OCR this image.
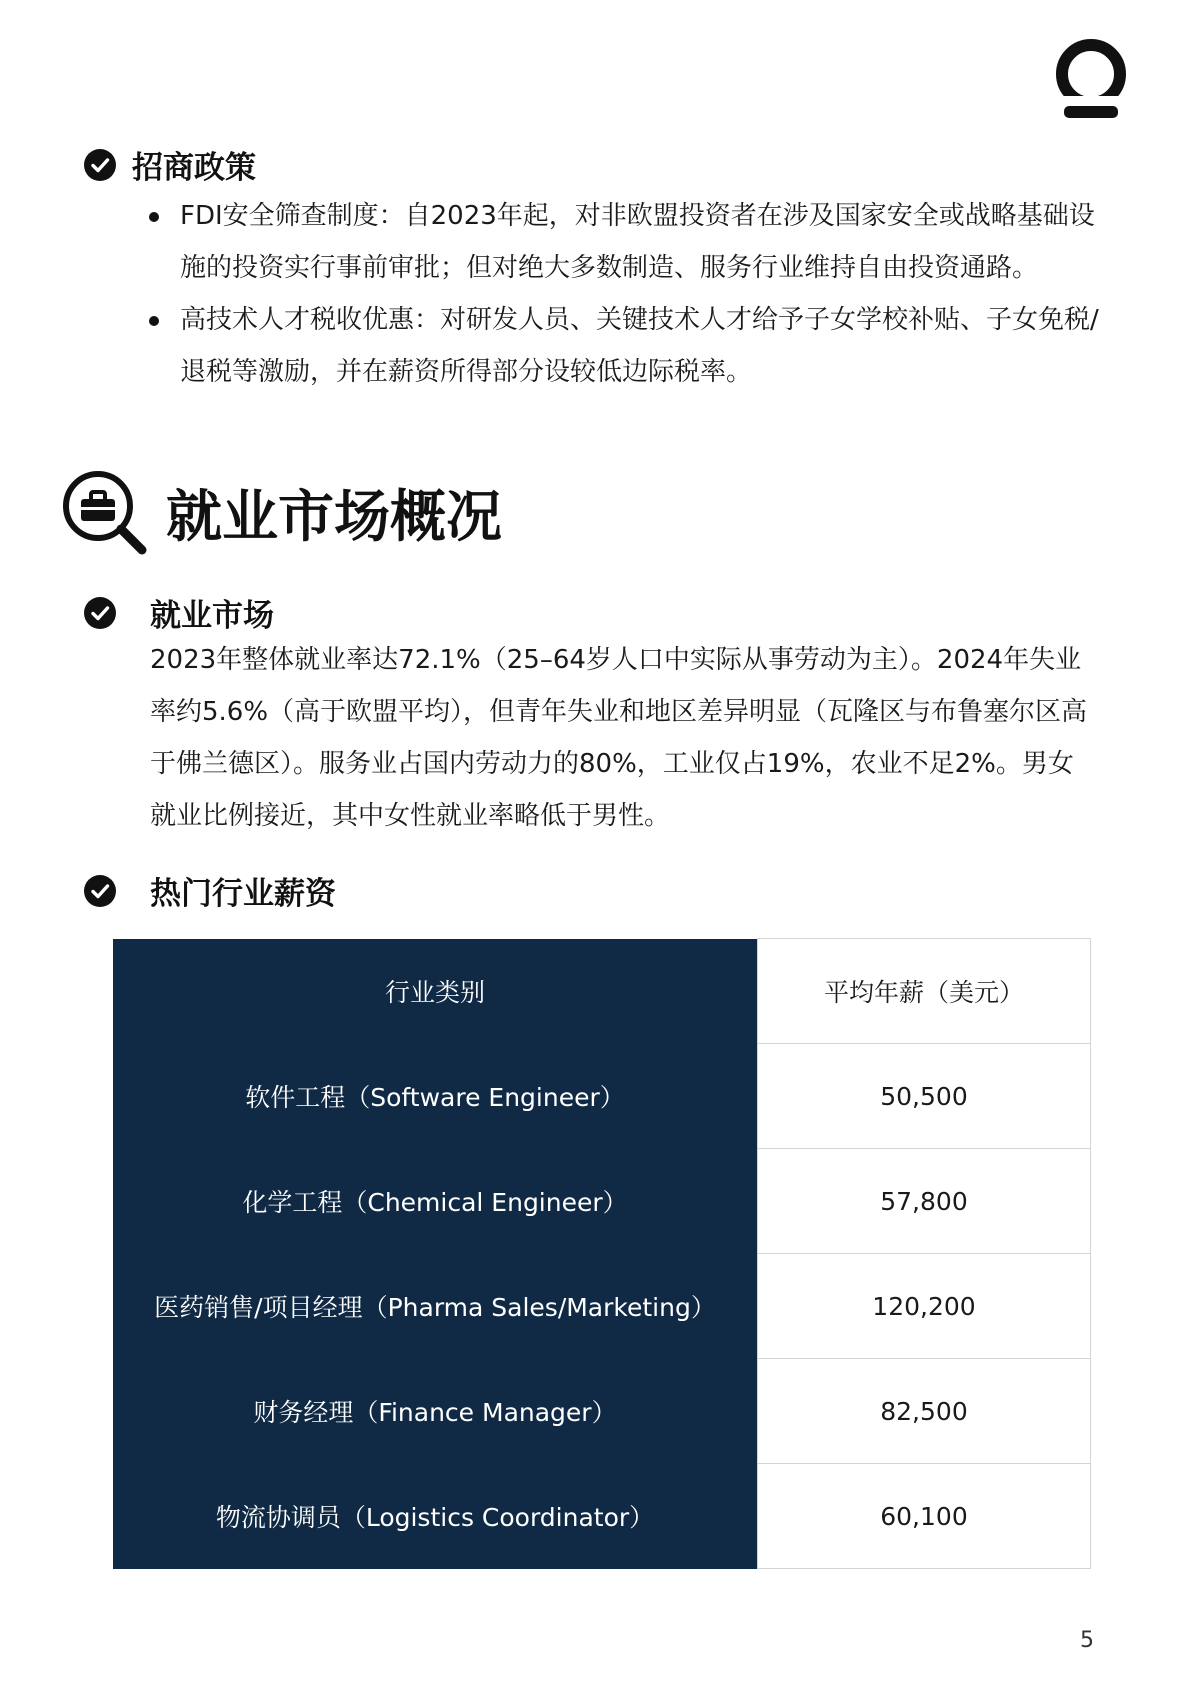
招商政策
FDI安全筛查制度：自2023年起，对非欧盟投资者在涉及国家安全或战略基础设施的投资实行事前审批；但对绝大多数制造、服务行业维持自由投资通路。
高技术人才税收优惠：对研发人员、关键技术人才给予子女学校补贴、子女免税/退税等激励，并在薪资所得部分设较低边际税率。
就业市场概况
就业市场

2023年整体就业率达72.1%（25–64岁人口中实际从事劳动为主）。2024年失业率约5.6%（高于欧盟平均），但青年失业和地区差异明显（瓦隆区与布鲁塞尔区高于佛兰德区）。服务业占国内劳动力的80%，工业仅占19%，农业不足2%。男女就业比例接近，其中女性就业率略低于男性。

热门行业薪资
行业类别	平均年薪（美元）
软件工程（Software Engineer）	50,500
化学工程（Chemical Engineer）	57,800
医药销售/项目经理（Pharma Sales/Marketing）	120,200
财务经理（Finance Manager）	82,500
物流协调员（Logistics Coordinator）	60,100
5
